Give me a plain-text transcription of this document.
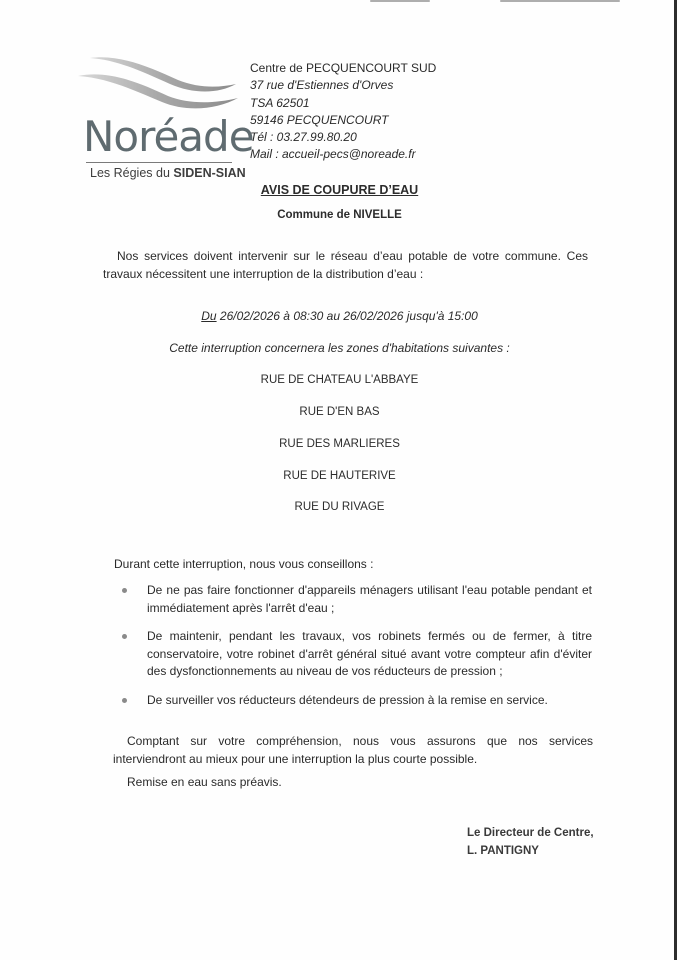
Noréade
Les Régies du SIDEN-SIAN
Centre de PECQUENCOURT SUD
37 rue d'Estiennes d'Orves
TSA 62501
59146 PECQUENCOURT
Tél : 03.27.99.80.20
Mail : accueil-pecs@noreade.fr
AVIS DE COUPURE D’EAU
Commune de NIVELLE
Nos services doivent intervenir sur le réseau d’eau potable de votre commune. Ces travaux nécessitent une interruption de la distribution d’eau :
Du 26/02/2026 à 08:30 au 26/02/2026 jusqu'à 15:00
Cette interruption concernera les zones d'habitations suivantes :
RUE DE CHATEAU L'ABBAYE
RUE D'EN BAS
RUE DES MARLIERES
RUE DE HAUTERIVE
RUE DU RIVAGE
Durant cette interruption, nous vous conseillons :
De ne pas faire fonctionner d'appareils ménagers utilisant l'eau potable pendant et immédiatement après l'arrêt d'eau ;
De maintenir, pendant les travaux, vos robinets fermés ou de fermer, à titre conservatoire, votre robinet d'arrêt général situé avant votre compteur afin d'éviter des dysfonctionnements au niveau de vos réducteurs de pression ;
De surveiller vos réducteurs détendeurs de pression à la remise en service.
Comptant sur votre compréhension, nous vous assurons que nos services interviendront au mieux pour une interruption la plus courte possible.
Remise en eau sans préavis.
Le Directeur de Centre,
L. PANTIGNY
